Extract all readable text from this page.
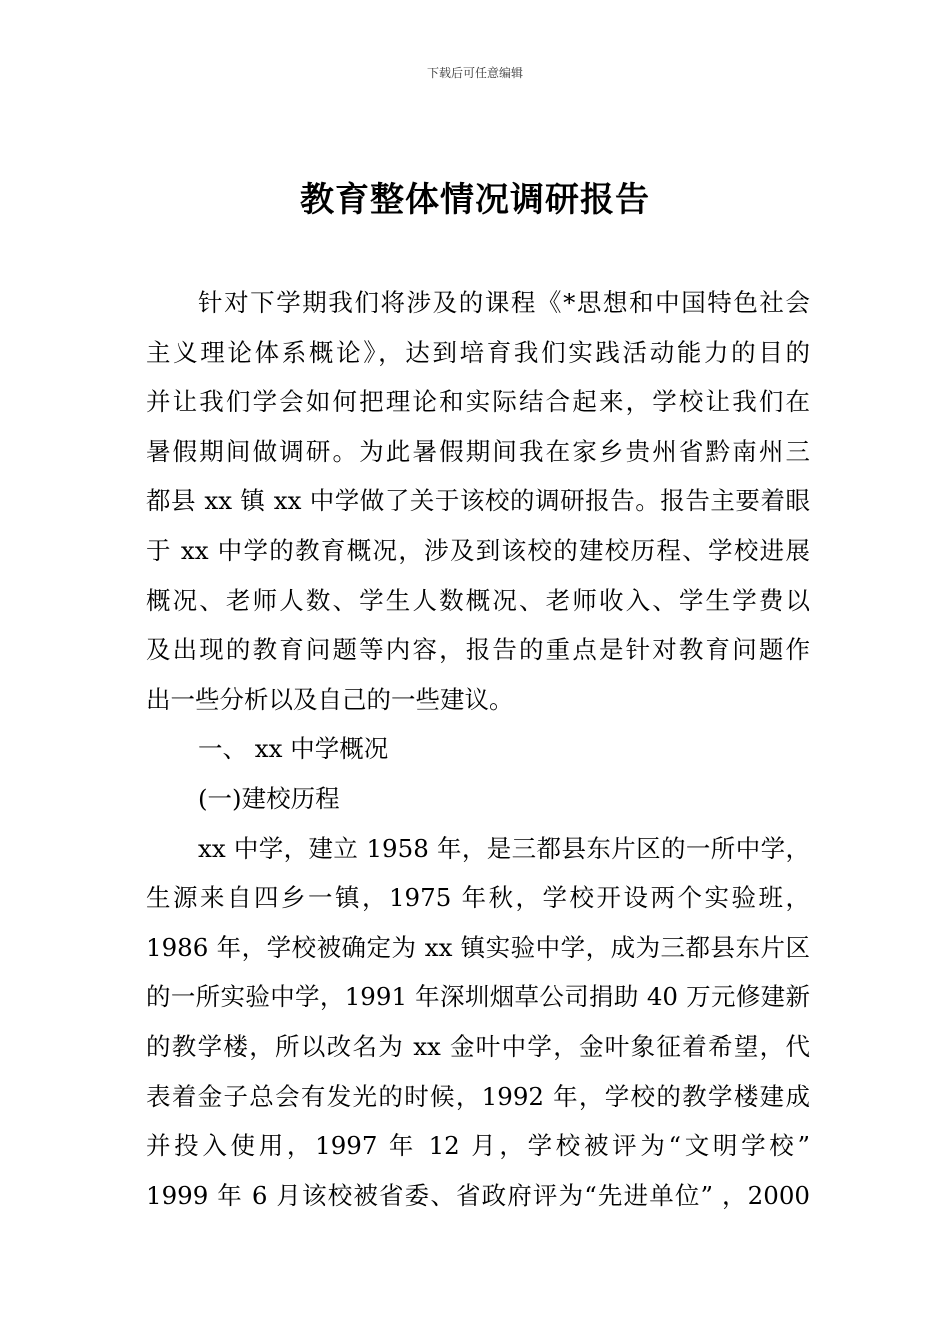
下载后可任意编辑
教育整体情况调研报告
针对下学期我们将涉及的课程《*思想和中国特色社会
主义理论体系概论》，达到培育我们实践活动能力的目的
并让我们学会如何把理论和实际结合起来，学校让我们在
暑假期间做调研。为此暑假期间我在家乡贵州省黔南州三
都县 xx 镇 xx 中学做了关于该校的调研报告。报告主要着眼
于 xx 中学的教育概况，涉及到该校的建校历程、学校进展
概况、老师人数、学生人数概况、老师收入、学生学费以
及出现的教育问题等内容，报告的重点是针对教育问题作
出一些分析以及自己的一些建议。
一、 xx 中学概况
(一)建校历程
xx 中学，建立 1958 年，是三都县东片区的一所中学，
生源来自四乡一镇，1975 年秋，学校开设两个实验班，
1986 年，学校被确定为 xx 镇实验中学，成为三都县东片区
的一所实验中学，1991 年深圳烟草公司捐助 40 万元修建新
的教学楼，所以改名为 xx 金叶中学，金叶象征着希望，代
表着金子总会有发光的时候，1992 年，学校的教学楼建成
并投入使用，1997 年 12 月，学校被评为“文明学校”
1999 年 6 月该校被省委、省政府评为“先进单位” ，2000
